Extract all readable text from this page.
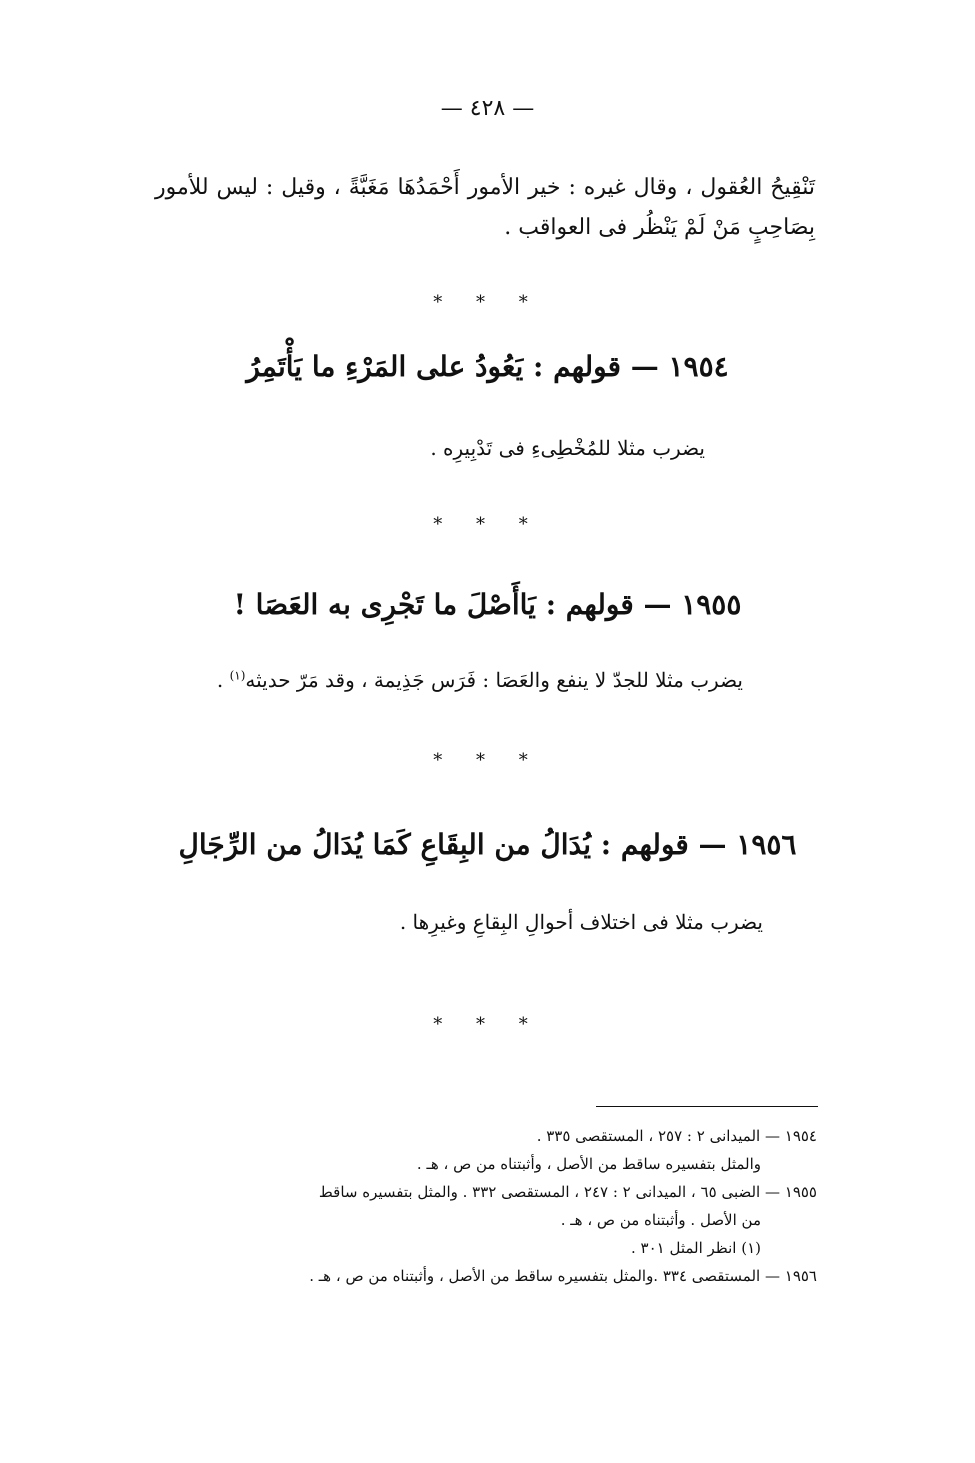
— ٤٢٨ —
تَنْقِيحُ العُقول ، وقال غيره : خير الأمور أَحْمَدُهَا مَغَبَّةً ، وقيل : ليس للأمور بِصَاحِبٍ مَنْ لَمْ يَنْظُر فى العواقب .
* * *
١٩٥٤ — قولهم : يَعُودُ على المَرْءِ ما يَأْتَمِرُ
يضرب مثلا للمُخْطِىءِ فى تَدْبِيرِه .
* * *
١٩٥٥ — قولهم : يَاأَصْلَ ما تَجْرِى به العَصَا !
يضرب مثلا للجدّ لا ينفع والعَصَا : فَرَس جَذِيمة ، وقد مَرّ حديثه$^{(١)}$ .
* * *
١٩٥٦ — قولهم : يُدَالُ من البِقَاعِ كَمَا يُدَالُ من الرِّجَالِ
يضرب مثلا فى اختلاف أحوالِ البِقاعِ وغيرِها .
* * *
١٩٥٤ — الميدانى ٢ : ٢٥٧ ، المستقصى ٣٣٥ .
والمثل بتفسيره ساقط من الأصل ، وأثبتناه من ص ، هـ .
١٩٥٥ — الضبى ٦٥ ، الميدانى ٢ : ٢٤٧ ، المستقصى ٣٣٢ . والمثل بتفسيره ساقط
من الأصل . وأثبتناه من ص ، هـ .
(١) انظر المثل ٣٠١ .
١٩٥٦ — المستقصى ٣٣٤ .والمثل بتفسيره ساقط من الأصل ، وأثبتناه من ص ، هـ .
